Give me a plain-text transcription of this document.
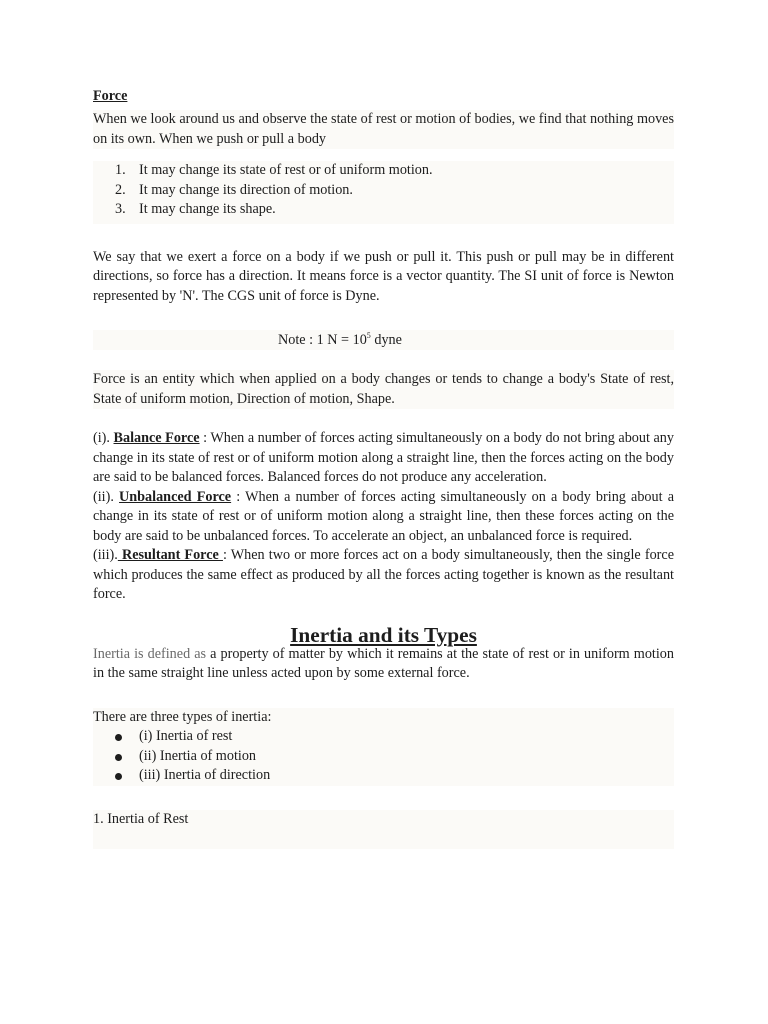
Force

When we look around us and observe the state of rest or motion of bodies, we find that nothing moves on its own. When we push or pull a body

1. It may change its state of rest or of uniform motion.
2. It may change its direction of motion.
3. It may change its shape.

We say that we exert a force on a body if we push or pull it. This push or pull may be in different directions, so force has a direction. It means force is a vector quantity. The SI unit of force is Newton represented by 'N'. The CGS unit of force is Dyne.

Note : 1 $N = 10^5$ dyne

Force is an entity which when applied on a body changes or tends to change a body's State of rest, State of uniform motion, Direction of motion, Shape.

(i). Balance Force : When a number of forces acting simultaneously on a body do not bring about any change in its state of rest or of uniform motion along a straight line, then the forces acting on the body are said to be balanced forces. Balanced forces do not produce any acceleration.

(ii). Unbalanced Force : When a number of forces acting simultaneously on a body bring about a change in its state of rest or of uniform motion along a straight line, then these forces acting on the body are said to be unbalanced forces. To accelerate an object, an unbalanced force is required.

(iii). Resultant Force : When two or more forces act on a body simultaneously, then the single force which produces the same effect as produced by all the forces acting together is known as the resultant force.

Inertia and its Types

Inertia is defined as a property of matter by which it remains at the state of rest or in uniform motion in the same straight line unless acted upon by some external force.

There are three types of inertia:

(i) Inertia of rest
(ii) Inertia of motion
(iii) Inertia of direction

1. Inertia of Rest
